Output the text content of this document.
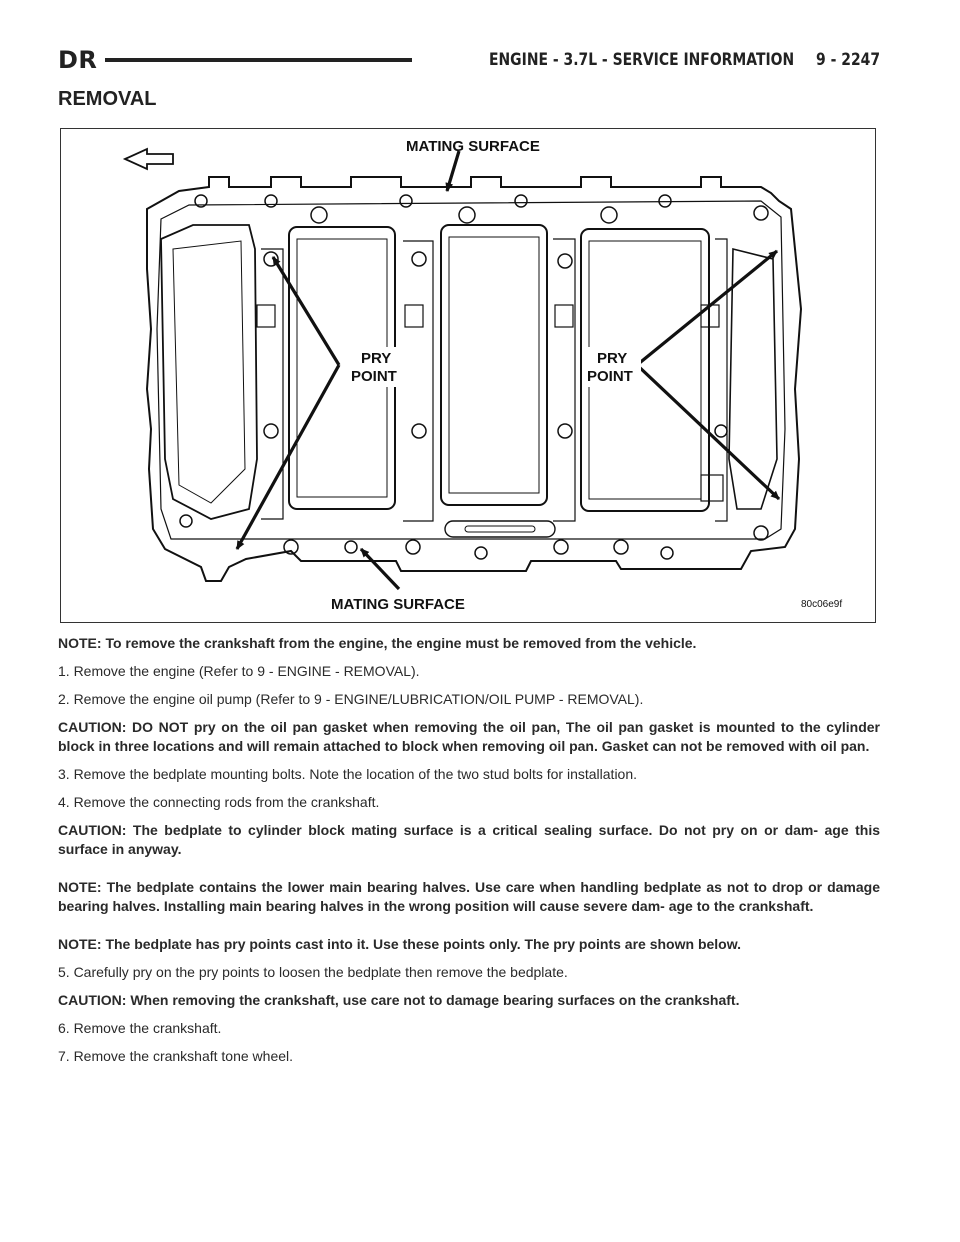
DR	ENGINE - 3.7L - SERVICE INFORMATION 9 - 2247
REMOVAL
MATING SURFACE
PRY
POINT
PRY
POINT
MATING SURFACE	80c06e9f

NOTE: To remove the crankshaft from the engine, the engine must be removed from the vehicle.

1. Remove the engine (Refer to 9 - ENGINE - REMOVAL).

2. Remove the engine oil pump (Refer to 9 - ENGINE/LUBRICATION/OIL PUMP - REMOVAL).

CAUTION: DO NOT pry on the oil pan gasket when removing the oil pan, The oil pan gasket is mounted to the cylinder block in three locations and will remain attached to block when removing oil pan. Gasket can not be removed with oil pan.

3. Remove the bedplate mounting bolts. Note the location of the two stud bolts for installation.

4. Remove the connecting rods from the crankshaft.

CAUTION: The bedplate to cylinder block mating surface is a critical sealing surface. Do not pry on or dam- age this surface in anyway.

NOTE: The bedplate contains the lower main bearing halves. Use care when handling bedplate as not to drop or damage bearing halves. Installing main bearing halves in the wrong position will cause severe dam- age to the crankshaft.

NOTE: The bedplate has pry points cast into it. Use these points only. The pry points are shown below.

5. Carefully pry on the pry points to loosen the bedplate then remove the bedplate.

CAUTION: When removing the crankshaft, use care not to damage bearing surfaces on the crankshaft.

6. Remove the crankshaft.

7. Remove the crankshaft tone wheel.
